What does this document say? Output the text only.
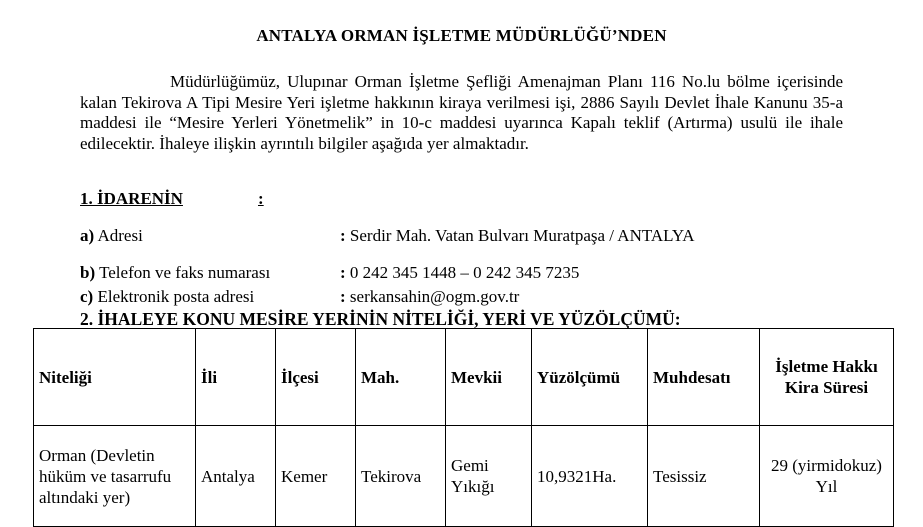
ANTALYA ORMAN İŞLETME MÜDÜRLÜĞÜ’NDEN
Müdürlüğümüz, Ulupınar Orman İşletme Şefliği Amenajman Planı 116 No.lu bölme içerisinde kalan Tekirova A Tipi Mesire Yeri işletme hakkının kiraya verilmesi işi, 2886 Sayılı Devlet İhale Kanunu 35-a maddesi ile “Mesire Yerleri Yönetmelik” in 10-c maddesi uyarınca Kapalı teklif (Artırma) usulü ile ihale edilecektir. İhaleye ilişkin ayrıntılı bilgiler aşağıda yer almaktadır.
1. İDARENİN	:
a) Adresi	: Serdir Mah. Vatan Bulvarı Muratpaşa / ANTALYA
b) Telefon ve faks numarası	: 0 242 345 1448 – 0 242 345 7235
c) Elektronik posta adresi	: serkansahin@ogm.gov.tr
2. İHALEYE KONU MESİRE YERİNİN NİTELİĞİ, YERİ VE YÜZÖLÇÜMÜ:
Niteliği	İli	İlçesi	Mah.	Mevkii	Yüzölçümü	Muhdesatı	İşletme Hakkı Kira Süresi
Orman (Devletin hüküm ve tasarrufu altındaki yer)	Antalya	Kemer	Tekirova	Gemi Yıkığı	10,9321Ha.	Tesissiz	29 (yirmidokuz) Yıl
